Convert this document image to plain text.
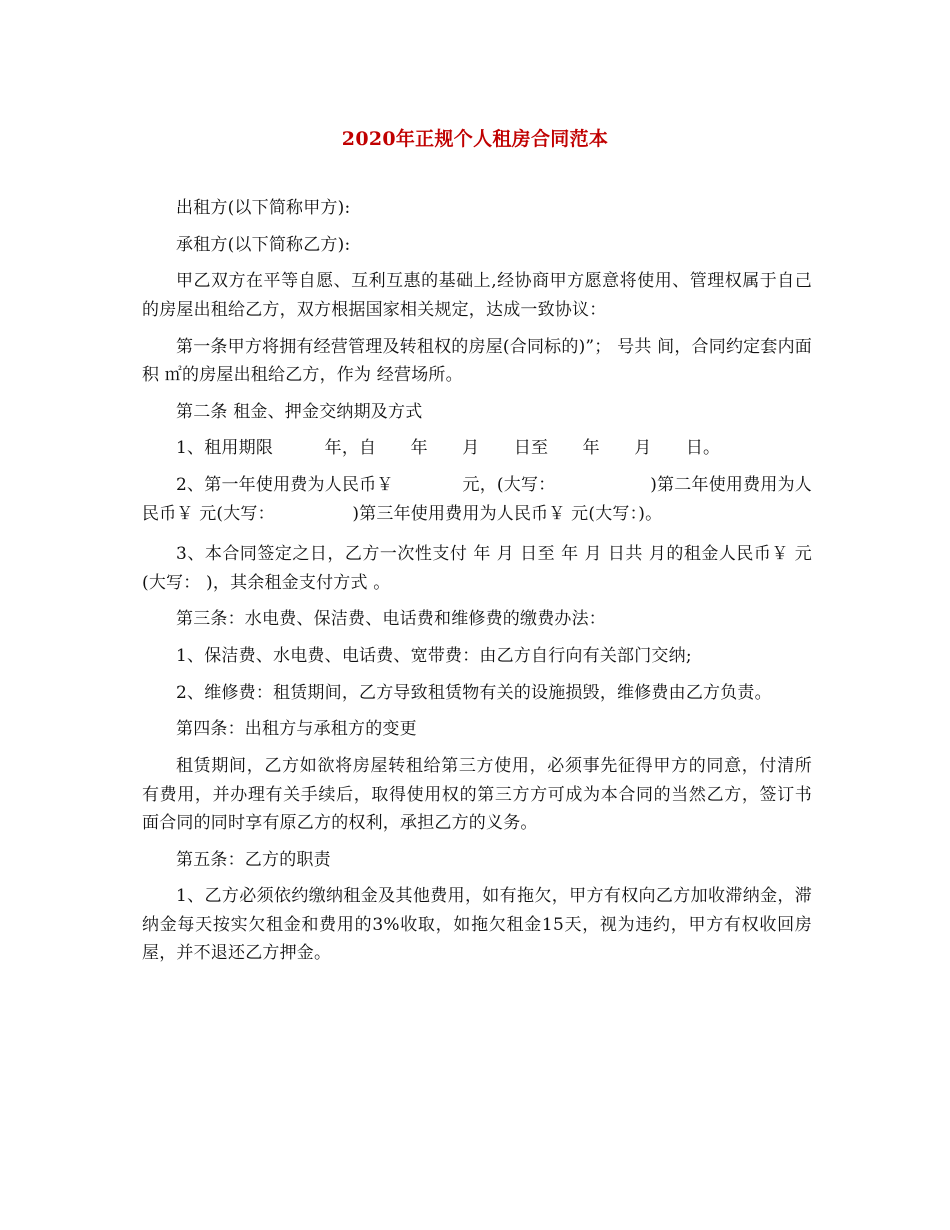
2020年正规个人租房合同范本

出租方(以下简称甲方):

承租方(以下简称乙方):

甲乙双方在平等自愿、互利互惠的基础上,经协商甲方愿意将使用、管理权属于自己的房屋出租给乙方，双方根据国家相关规定，达成一致协议：

第一条甲方将拥有经营管理及转租权的房屋(合同标的)”； 号共 间，合同约定套内面积 ㎡的房屋出租给乙方，作为 经营场所。

第二条 租金、押金交纳期及方式

1、租用期限　　　年，自　　年　　月　　日至　　年　　月　　日。

2、第一年使用费为人民币￥　　　　元，(大写：　　　　　　)第二年使用费用为人民币￥ 元(大写：　　　　　)第三年使用费用为人民币￥ 元(大写：)。

3、本合同签定之日，乙方一次性支付 年 月 日至 年 月 日共 月的租金人民币￥ 元(大写： )，其余租金支付方式 。

第三条：水电费、保洁费、电话费和维修费的缴费办法：

1、保洁费、水电费、电话费、宽带费：由乙方自行向有关部门交纳;

2、维修费：租赁期间，乙方导致租赁物有关的设施损毁，维修费由乙方负责。

第四条：出租方与承租方的变更

租赁期间，乙方如欲将房屋转租给第三方使用，必须事先征得甲方的同意，付清所有费用，并办理有关手续后，取得使用权的第三方方可成为本合同的当然乙方，签订书面合同的同时享有原乙方的权利，承担乙方的义务。

第五条：乙方的职责

1、乙方必须依约缴纳租金及其他费用，如有拖欠，甲方有权向乙方加收滞纳金，滞纳金每天按实欠租金和费用的3%收取，如拖欠租金15天，视为违约，甲方有权收回房屋，并不退还乙方押金。
